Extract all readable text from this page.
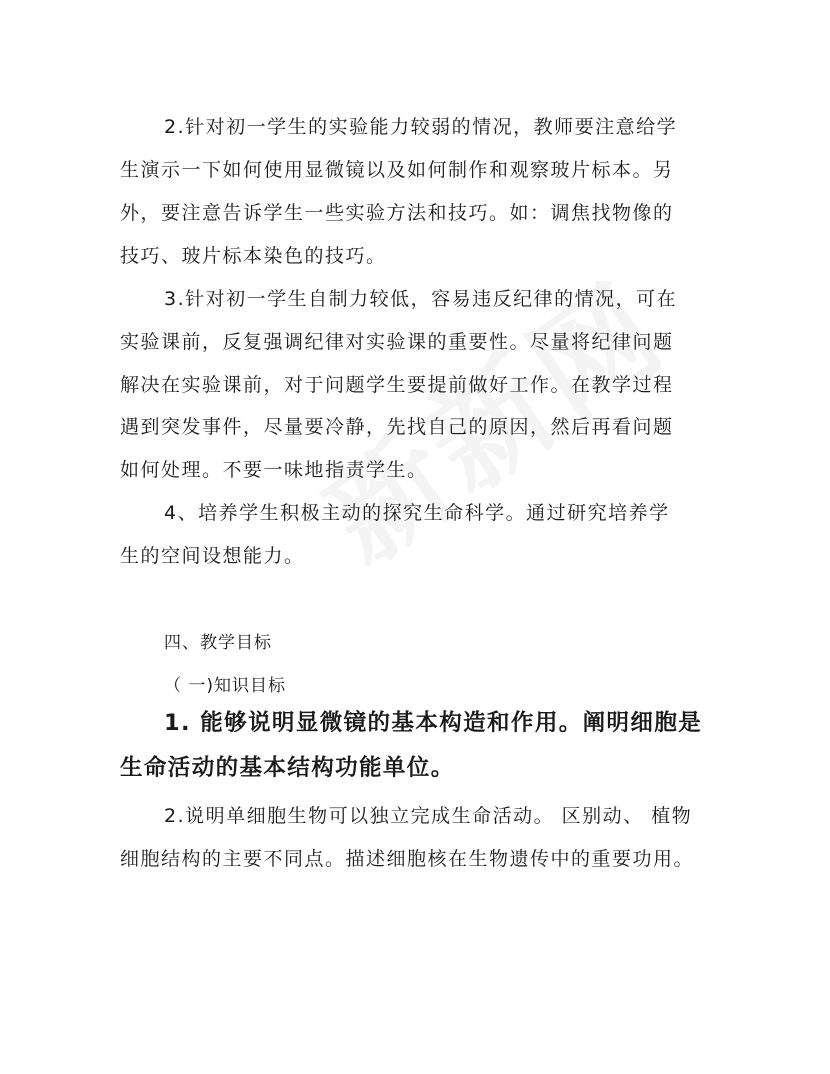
2.针对初一学生的实验能力较弱的情况，教师要注意给学
生演示一下如何使用显微镜以及如何制作和观察玻片标本。另
外，要注意告诉学生一些实验方法和技巧。如：调焦找物像的
技巧、玻片标本染色的技巧。
3.针对初一学生自制力较低，容易违反纪律的情况，可在
实验课前，反复强调纪律对实验课的重要性。尽量将纪律问题
解决在实验课前，对于问题学生要提前做好工作。在教学过程
遇到突发事件，尽量要冷静，先找自己的原因，然后再看问题
如何处理。不要一味地指责学生。
4、培养学生积极主动的探究生命科学。通过研究培养学
生的空间设想能力。
四、教学目标
（ 一)知识目标
1. 能够说明显微镜的基本构造和作用。阐明细胞是
生命活动的基本结构功能单位。
2.说明单细胞生物可以独立完成生命活动。 区别动、 植物
细胞结构的主要不同点。描述细胞核在生物遗传中的重要功用。
